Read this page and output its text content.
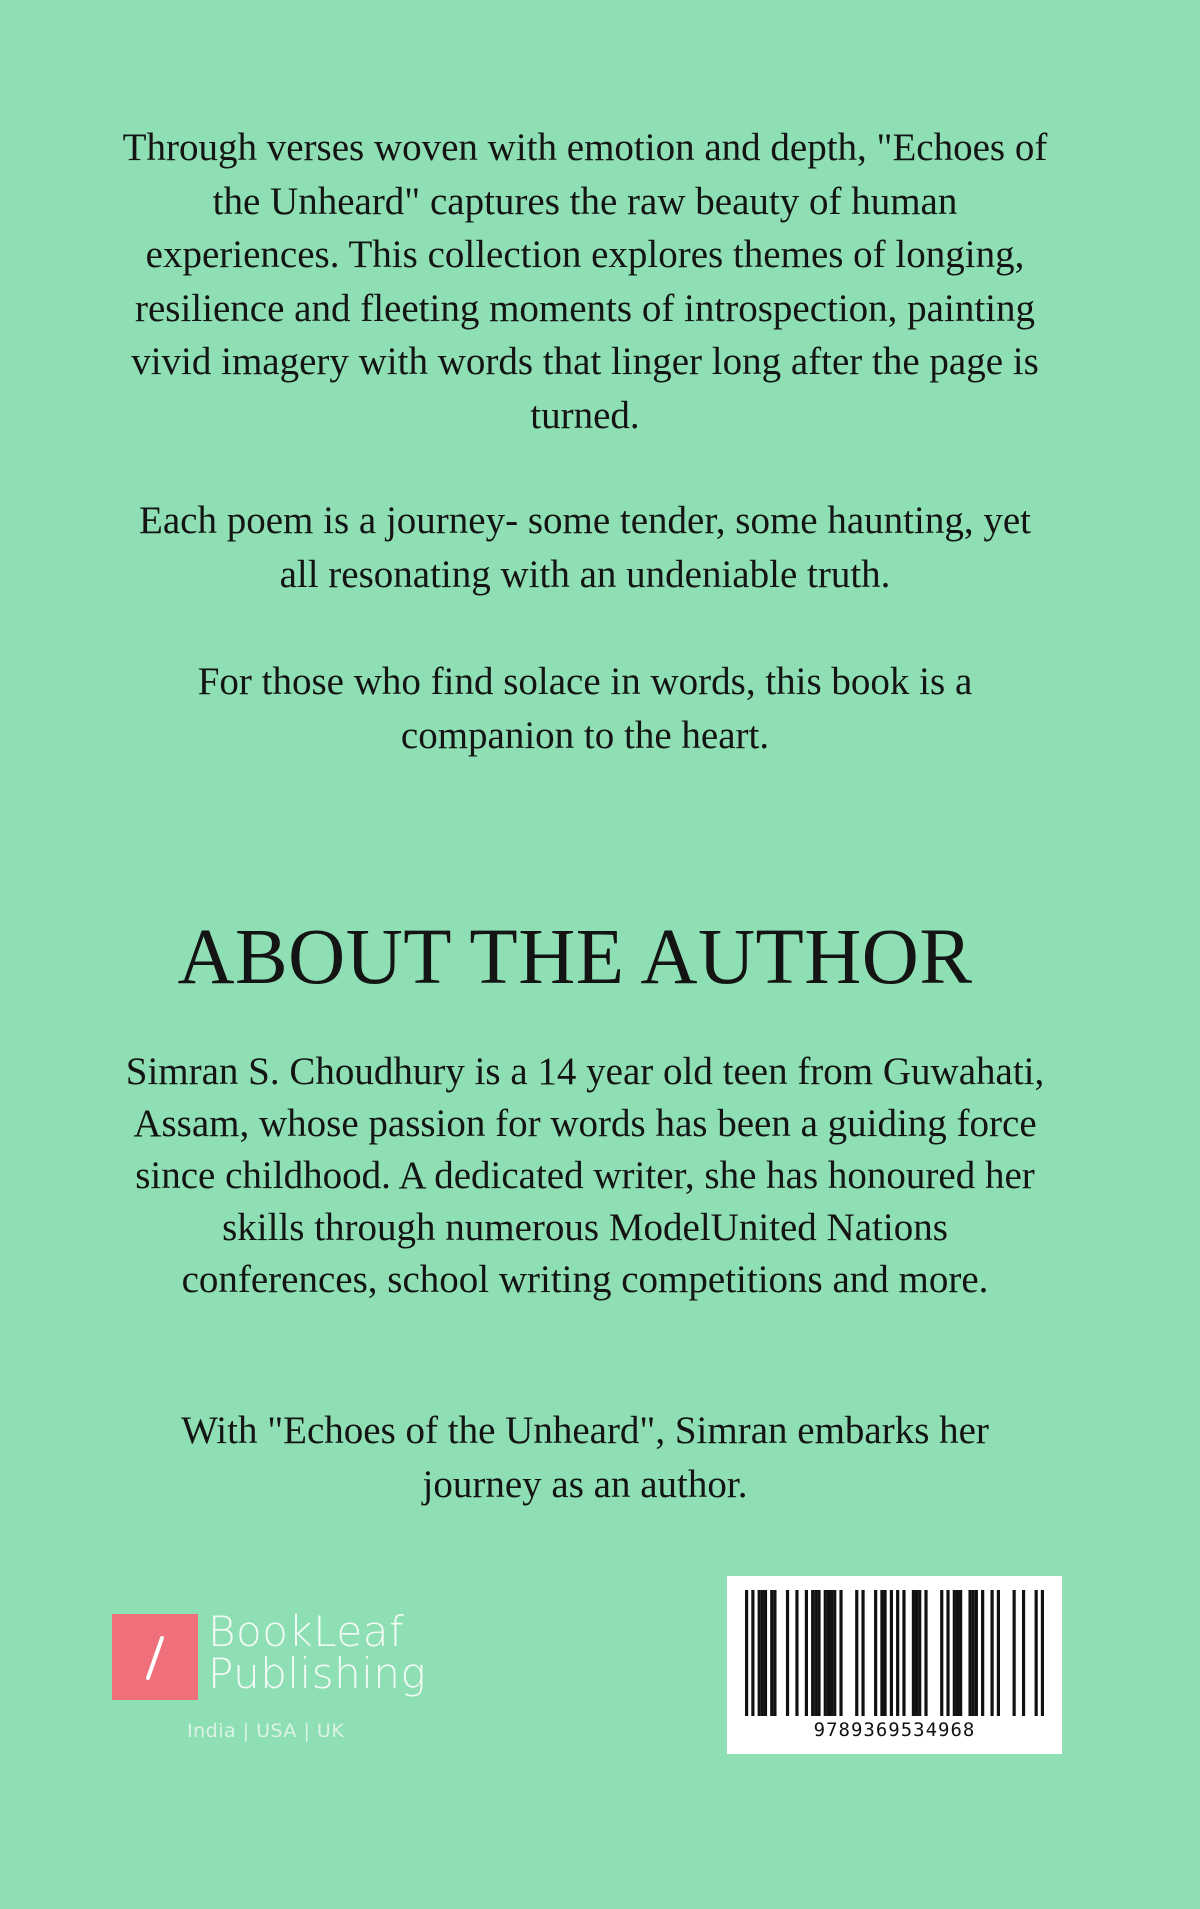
Through verses woven with emotion and depth, "Echoes of the Unheard" captures the raw beauty of human experiences. This collection explores themes of longing, resilience and fleeting moments of introspection, painting vivid imagery with words that linger long after the page is turned.

Each poem is a journey- some tender, some haunting, yet all resonating with an undeniable truth.

For those who find solace in words, this book is a companion to the heart.

ABOUT THE AUTHOR

Simran S. Choudhury is a 14 year old teen from Guwahati, Assam, whose passion for words has been a guiding force since childhood. A dedicated writer, she has honoured her skills through numerous ModelUnited Nations conferences, school writing competitions and more.

With "Echoes of the Unheard", Simran embarks her journey as an author.

BookLeaf
Publishing
India | USA | UK	9789369534968
